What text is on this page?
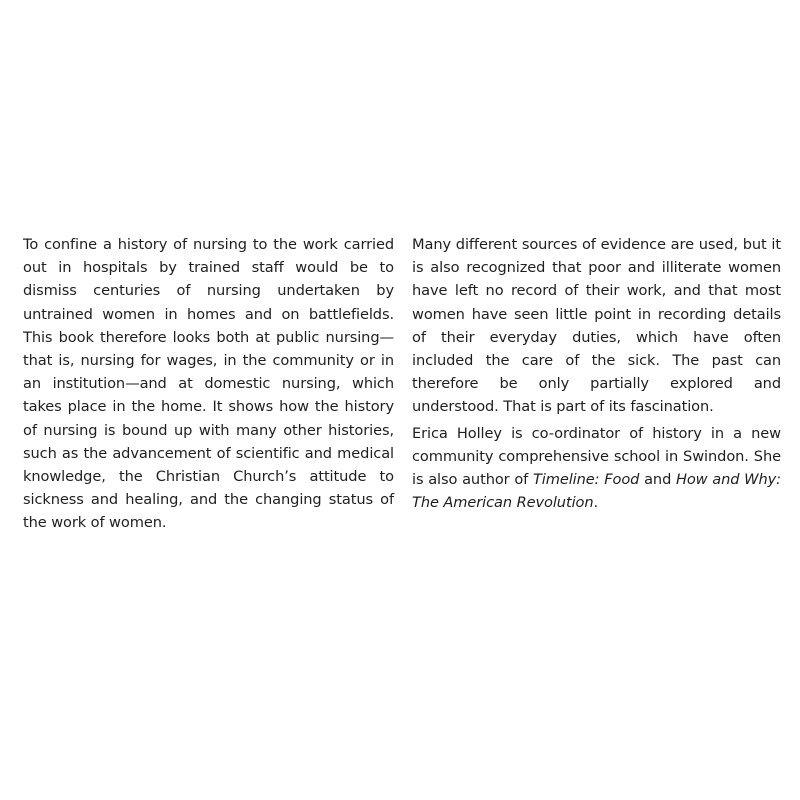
To confine a history of nursing to the work carried out in hospitals by trained staff would be to dismiss centuries of nursing undertaken by untrained women in homes and on battlefields. This book therefore looks both at public nursing—that is, nursing for wages, in the community or in an institution—and at domestic nursing, which takes place in the home. It shows how the history of nursing is bound up with many other histories, such as the advancement of scientific and medical knowledge, the Christian Church’s attitude to sickness and healing, and the changing status of the work of women.

Many different sources of evidence are used, but it is also recognized that poor and illiterate women have left no record of their work, and that most women have seen little point in recording details of their everyday duties, which have often included the care of the sick. The past can therefore be only partially explored and understood. That is part of its fascination.

Erica Holley is co-ordinator of history in a new community comprehensive school in Swindon. She is also author of Timeline: Food and How and Why: The American Revolution.
